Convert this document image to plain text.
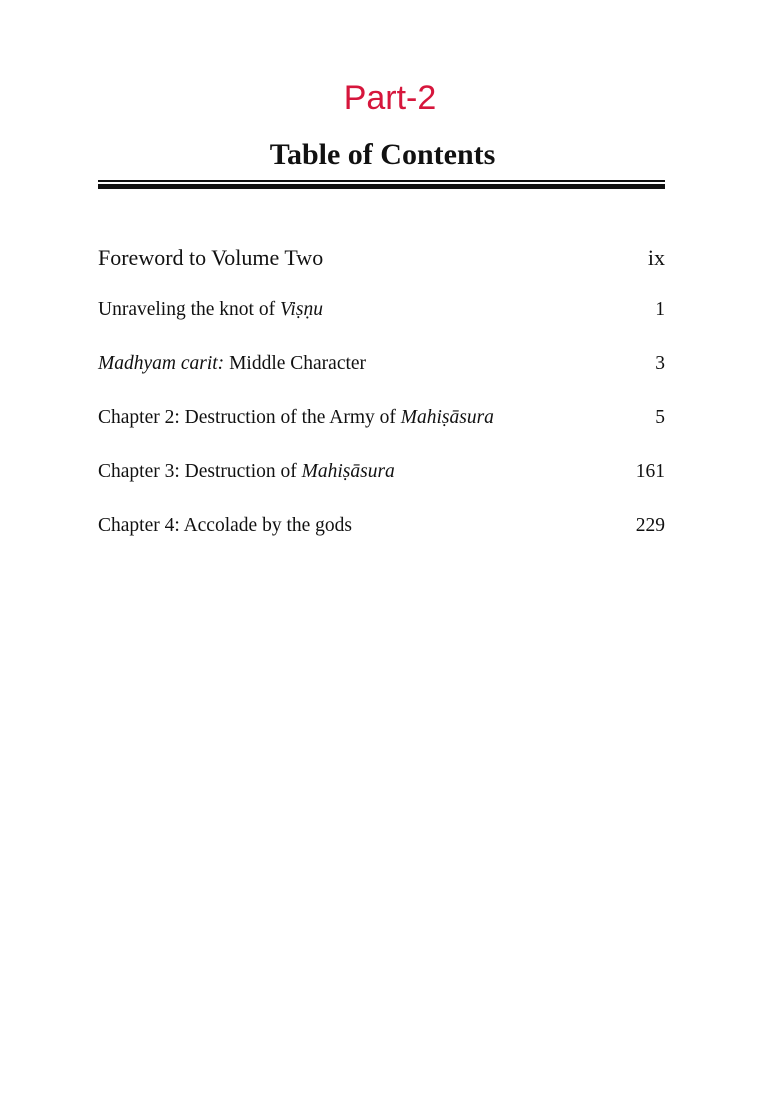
Part-2
Table of Contents
Foreword to Volume Two	ix
Unraveling the knot of Viṣṇu	1
Madhyam carit: Middle Character	3
Chapter 2: Destruction of the Army of Mahiṣāsura	5
Chapter 3: Destruction of Mahiṣāsura	161
Chapter 4: Accolade by the gods	229
